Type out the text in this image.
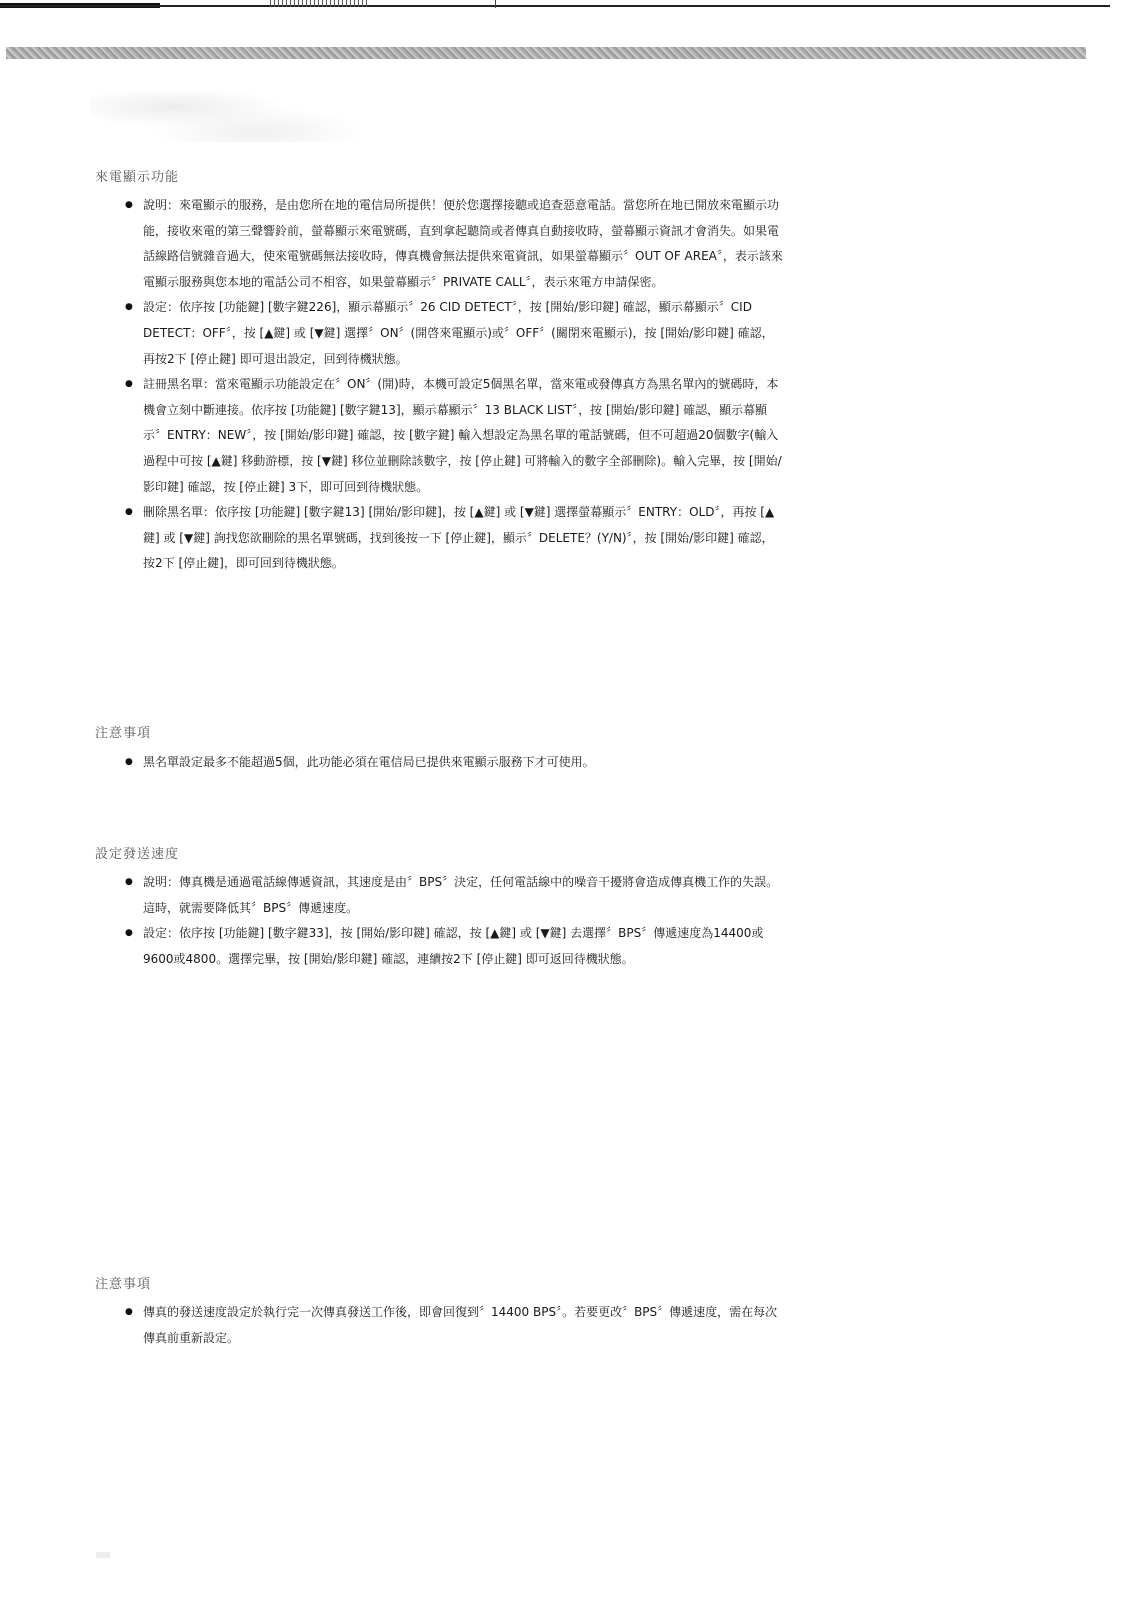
來電顯示功能
● 說明：來電顯示的服務，是由您所在地的電信局所提供！便於您選擇接聽或追查惡意電話。當您所在地已開放來電顯示功能，接收來電的第三聲響鈴前，螢幕顯示來電號碼，直到拿起聽筒或者傳真自動接收時，螢幕顯示資訊才會消失。如果電話線路信號雜音過大，使來電號碼無法接收時，傳真機會無法提供來電資訊，如果螢幕顯示〞OUT OF AREA〞，表示該來電顯示服務與您本地的電話公司不相容，如果螢幕顯示〞PRIVATE CALL〞，表示來電方申請保密。
● 設定：依序按 [功能鍵] [數字鍵226]，顯示幕顯示〞26 CID DETECT〞，按 [開始/影印鍵] 確認，顯示幕顯示〞CID DETECT：OFF〞，按 [▲鍵] 或 [▼鍵] 選擇〞ON〞(開啓來電顯示)或〞OFF〞(關閉來電顯示)，按 [開始/影印鍵] 確認，再按2下 [停止鍵] 即可退出設定，回到待機狀態。
● 註冊黑名單：當來電顯示功能設定在〞ON〞(開)時，本機可設定5個黑名單，當來電或發傳真方為黑名單內的號碼時，本機會立刻中斷連接。依序按 [功能鍵] [數字鍵13]，顯示幕顯示〞13 BLACK LIST〞，按 [開始/影印鍵] 確認，顯示幕顯示〞ENTRY：NEW〞，按 [開始/影印鍵] 確認，按 [數字鍵] 輸入想設定為黑名單的電話號碼，但不可超過20個數字(輸入過程中可按 [▲鍵] 移動游標，按 [▼鍵] 移位並刪除該數字，按 [停止鍵] 可將輸入的數字全部刪除)。輸入完畢，按 [開始/影印鍵] 確認，按 [停止鍵] 3下，即可回到待機狀態。
● 刪除黑名單：依序按 [功能鍵] [數字鍵13] [開始/影印鍵]，按 [▲鍵] 或 [▼鍵] 選擇螢幕顯示〞ENTRY：OLD〞，再按 [▲鍵] 或 [▼鍵] 詢找您欲刪除的黑名單號碼，找到後按一下 [停止鍵]，顯示〞DELETE？(Y/N)〞，按 [開始/影印鍵] 確認，按2下 [停止鍵]，即可回到待機狀態。
注意事項
● 黑名單設定最多不能超過5個，此功能必須在電信局已提供來電顯示服務下才可使用。
設定發送速度
● 說明：傳真機是通過電話線傳遞資訊，其速度是由〞BPS〞決定，任何電話線中的噪音干擾將會造成傳真機工作的失誤。這時，就需要降低其〞BPS〞傳遞速度。
● 設定：依序按 [功能鍵] [數字鍵33]，按 [開始/影印鍵] 確認，按 [▲鍵] 或 [▼鍵] 去選擇〞BPS〞傳遞速度為14400或9600或4800。選擇完畢，按 [開始/影印鍵] 確認，連續按2下 [停止鍵] 即可返回待機狀態。
注意事項
● 傳真的發送速度設定於執行完一次傳真發送工作後，即會回復到〞14400 BPS〞。若要更改〞BPS〞傳遞速度，需在每次傳真前重新設定。
